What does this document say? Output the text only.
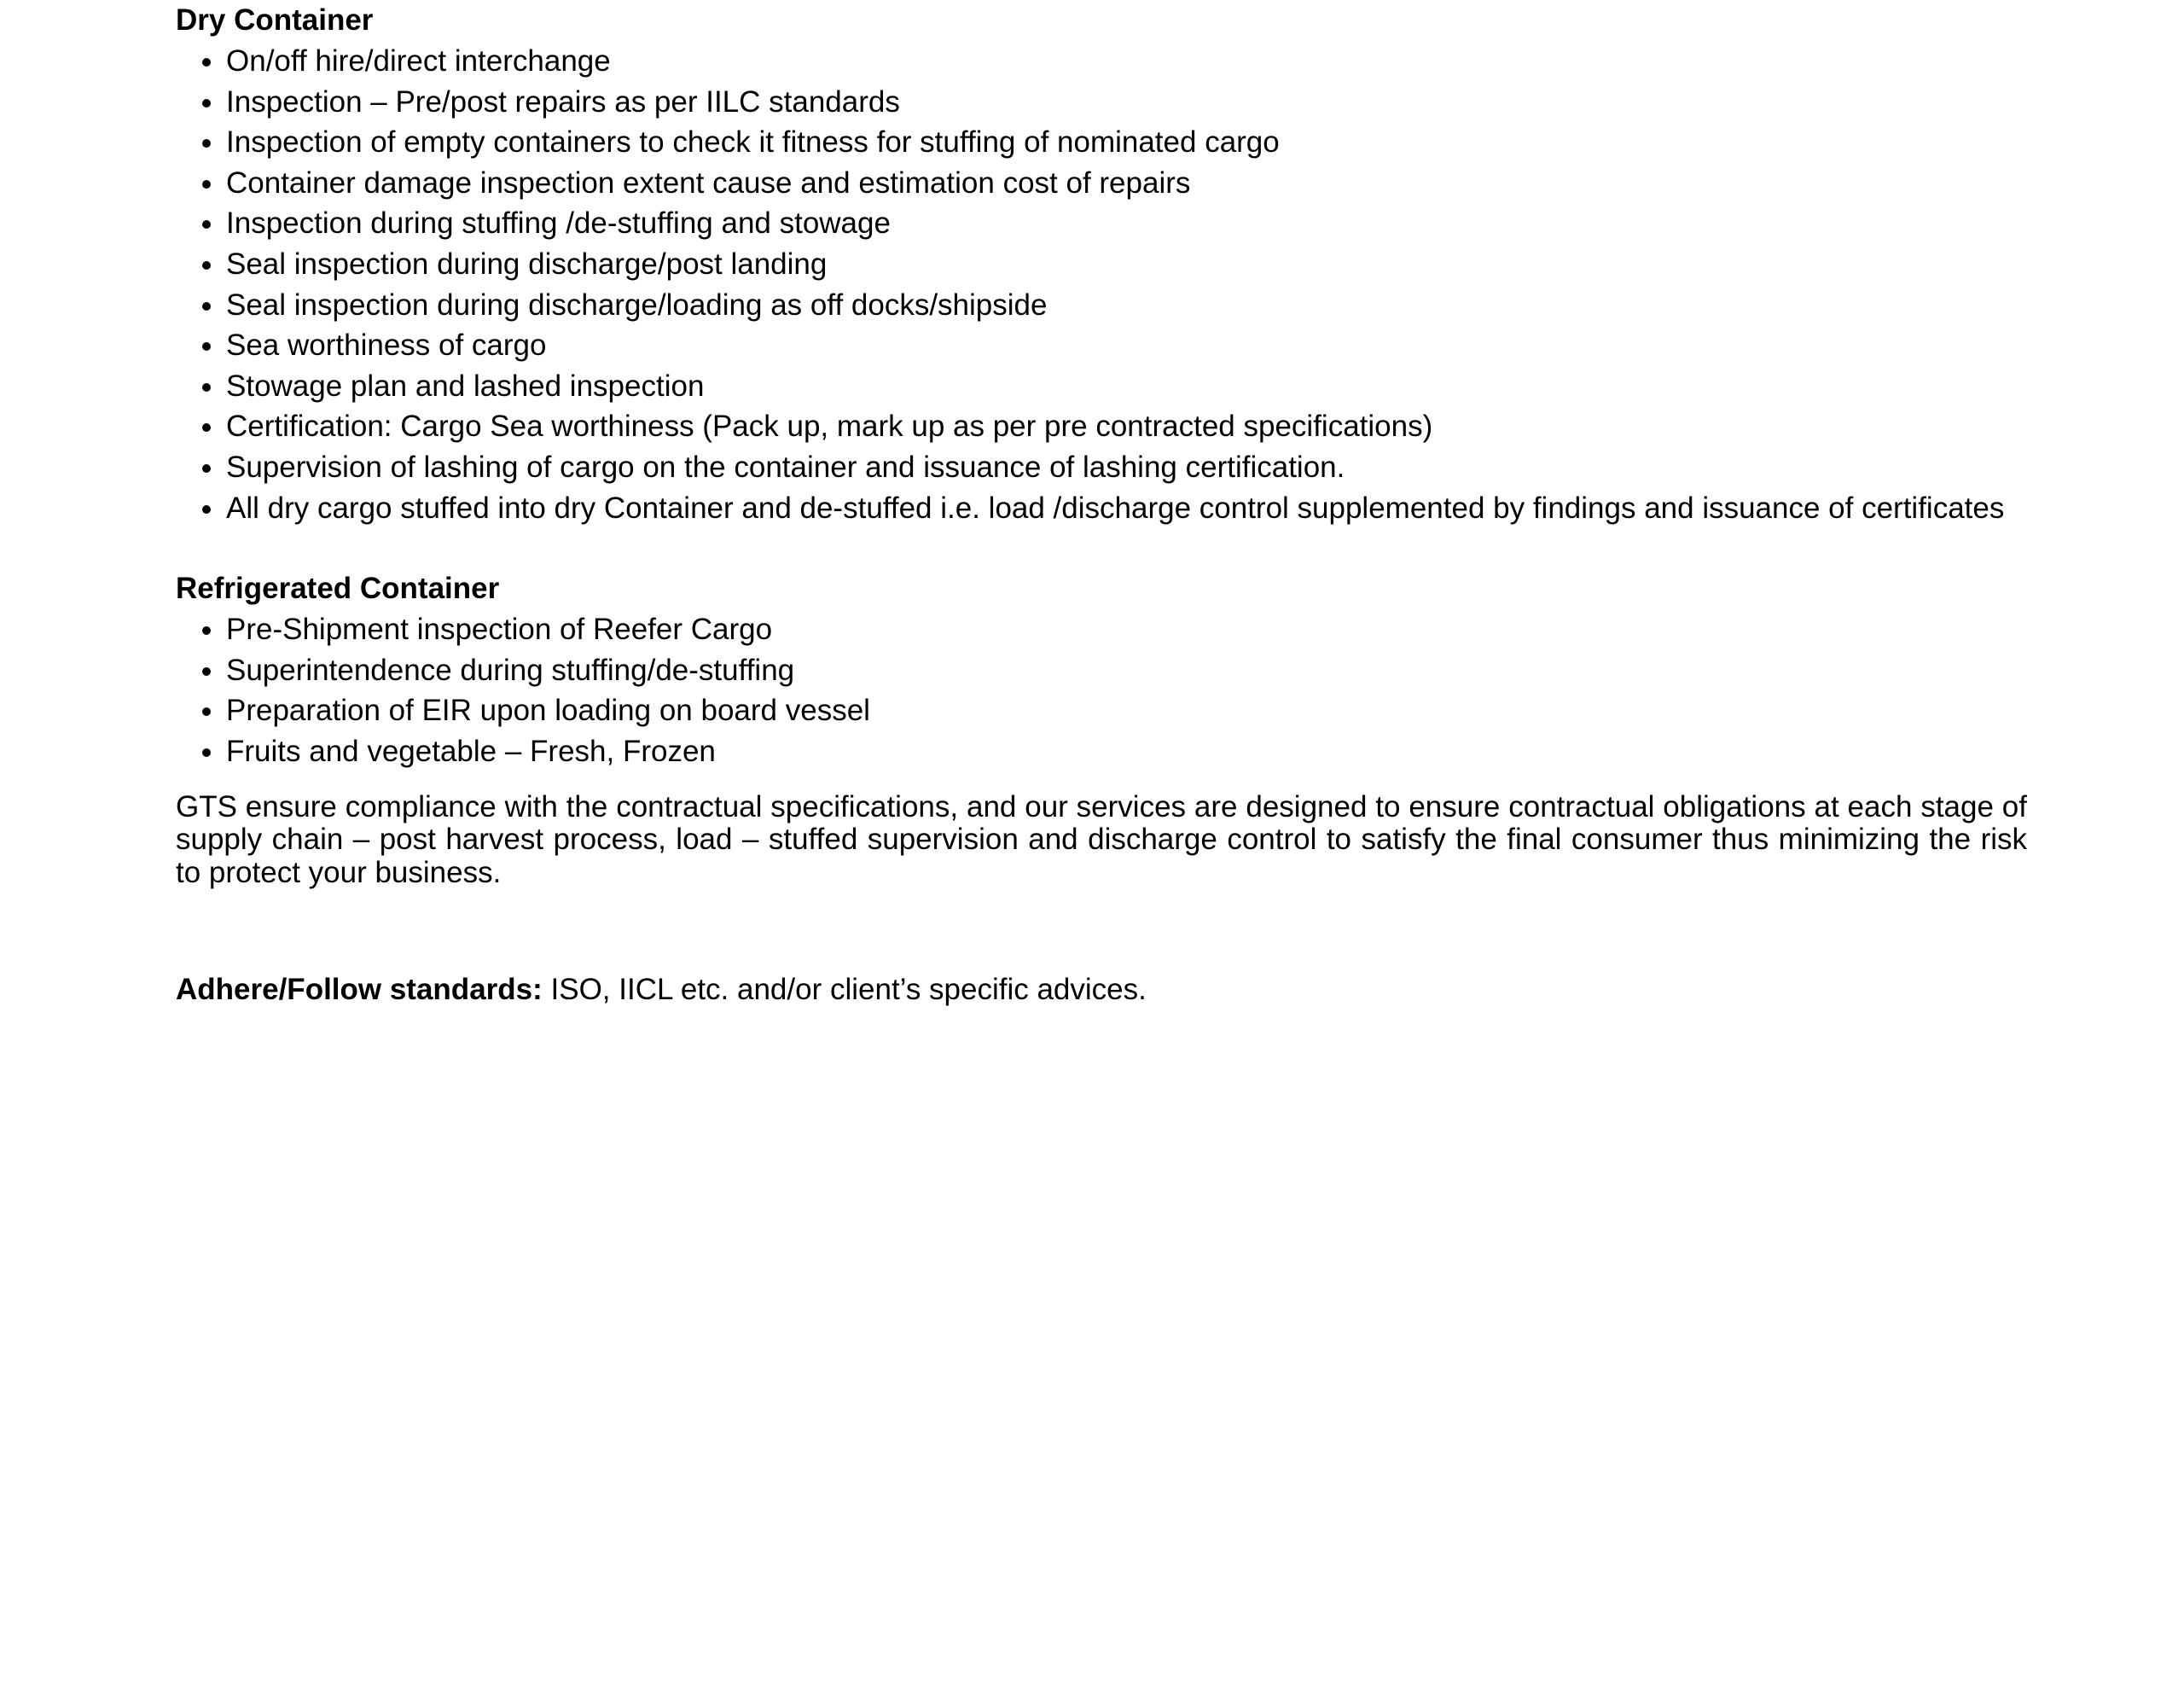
Dry Container
On/off hire/direct interchange
Inspection – Pre/post repairs as per IILC standards
Inspection of empty containers to check it fitness for stuffing of nominated cargo
Container damage inspection extent cause and estimation cost of repairs
Inspection during stuffing /de-stuffing and stowage
Seal inspection during discharge/post landing
Seal inspection during discharge/loading as off docks/shipside
Sea worthiness of cargo
Stowage plan and lashed inspection
Certification: Cargo Sea worthiness (Pack up, mark up as per pre contracted specifications)
Supervision of lashing of cargo on the container and issuance of lashing certification.
All dry cargo stuffed into dry Container and de-stuffed i.e. load /discharge control supplemented by findings and issuance of certificates
Refrigerated Container
Pre-Shipment inspection of Reefer Cargo
Superintendence during stuffing/de-stuffing
Preparation of EIR upon loading on board vessel
Fruits and vegetable – Fresh, Frozen

GTS ensure compliance with the contractual specifications, and our services are designed to ensure contractual obligations at each stage of supply chain – post harvest process, load – stuffed supervision and discharge control to satisfy the final consumer thus minimizing the risk to protect your business.

Adhere/Follow standards: ISO, IICL etc. and/or client’s specific advices.
